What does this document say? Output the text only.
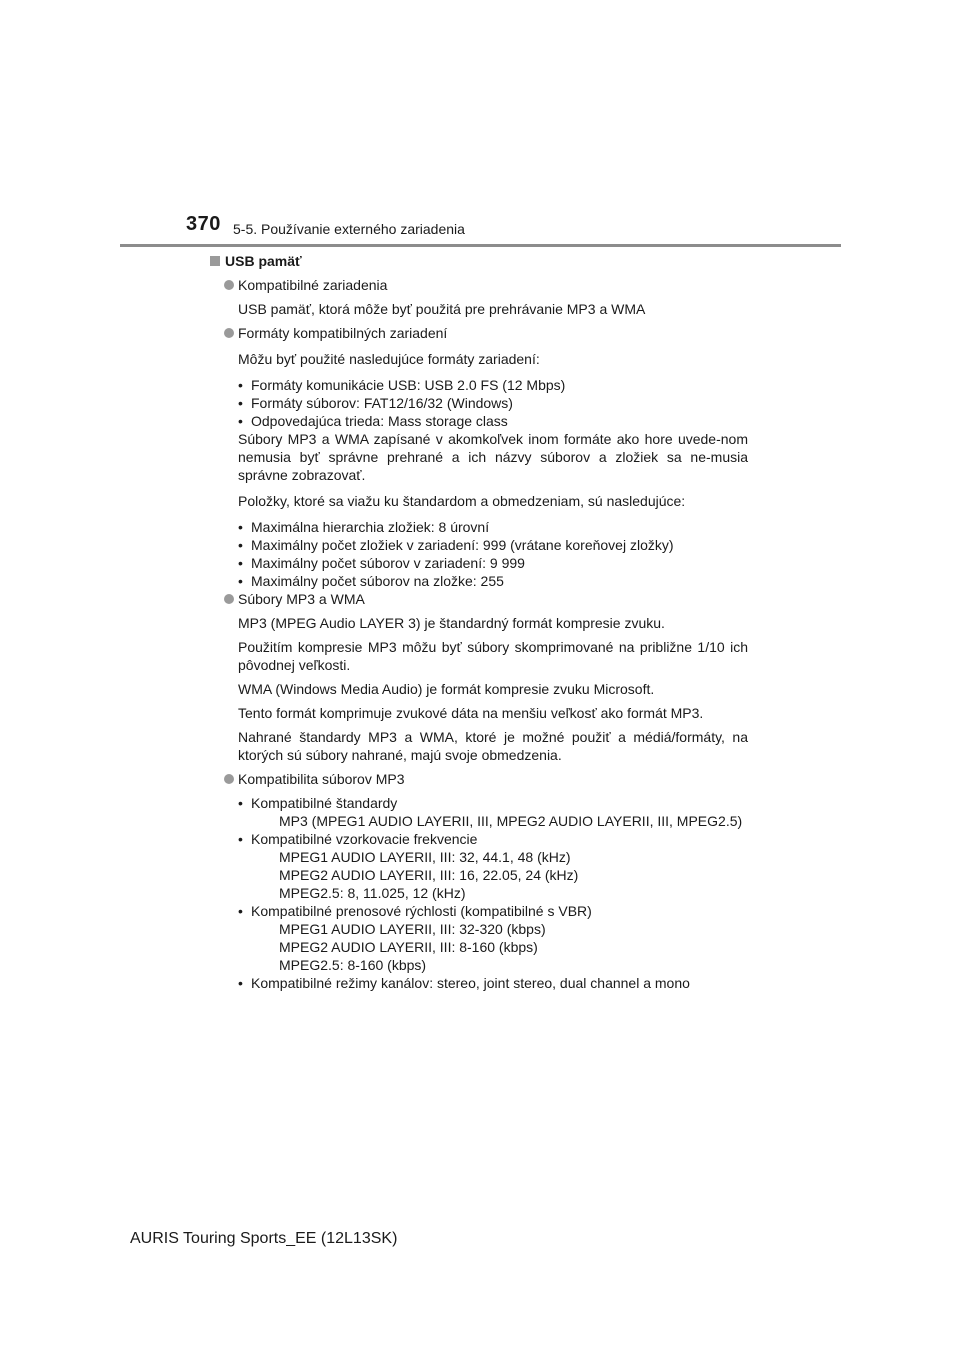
370 5-5. Používanie externého zariadenia
USB pamäť
Kompatibilné zariadenia
USB pamäť, ktorá môže byť použitá pre prehrávanie MP3 a WMA
Formáty kompatibilných zariadení
Môžu byť použité nasledujúce formáty zariadení:
• Formáty komunikácie USB: USB 2.0 FS (12 Mbps)
• Formáty súborov: FAT12/16/32 (Windows)
• Odpovedajúca trieda: Mass storage class
Súbory MP3 a WMA zapísané v akomkoľvek inom formáte ako hore uvede-nom nemusia byť správne prehrané a ich názvy súborov a zložiek sa ne-musia správne zobrazovať.
Položky, ktoré sa viažu ku štandardom a obmedzeniam, sú nasledujúce:
• Maximálna hierarchia zložiek: 8 úrovní
• Maximálny počet zložiek v zariadení: 999 (vrátane koreňovej zložky)
• Maximálny počet súborov v zariadení: 9 999
• Maximálny počet súborov na zložke: 255
Súbory MP3 a WMA
MP3 (MPEG Audio LAYER 3) je štandardný formát kompresie zvuku.
Použitím kompresie MP3 môžu byť súbory skomprimované na približne 1/10 ich pôvodnej veľkosti.
WMA (Windows Media Audio) je formát kompresie zvuku Microsoft.
Tento formát komprimuje zvukové dáta na menšiu veľkosť ako formát MP3.
Nahrané štandardy MP3 a WMA, ktoré je možné použiť a médiá/formáty, na ktorých sú súbory nahrané, majú svoje obmedzenia.
Kompatibilita súborov MP3
• Kompatibilné štandardy
MP3 (MPEG1 AUDIO LAYERII, III, MPEG2 AUDIO LAYERII, III, MPEG2.5)
• Kompatibilné vzorkovacie frekvencie
MPEG1 AUDIO LAYERII, III: 32, 44.1, 48 (kHz)
MPEG2 AUDIO LAYERII, III: 16, 22.05, 24 (kHz)
MPEG2.5: 8, 11.025, 12 (kHz)
• Kompatibilné prenosové rýchlosti (kompatibilné s VBR)
MPEG1 AUDIO LAYERII, III: 32-320 (kbps)
MPEG2 AUDIO LAYERII, III: 8-160 (kbps)
MPEG2.5: 8-160 (kbps)
• Kompatibilné režimy kanálov: stereo, joint stereo, dual channel a mono
AURIS Touring Sports_EE (12L13SK)
